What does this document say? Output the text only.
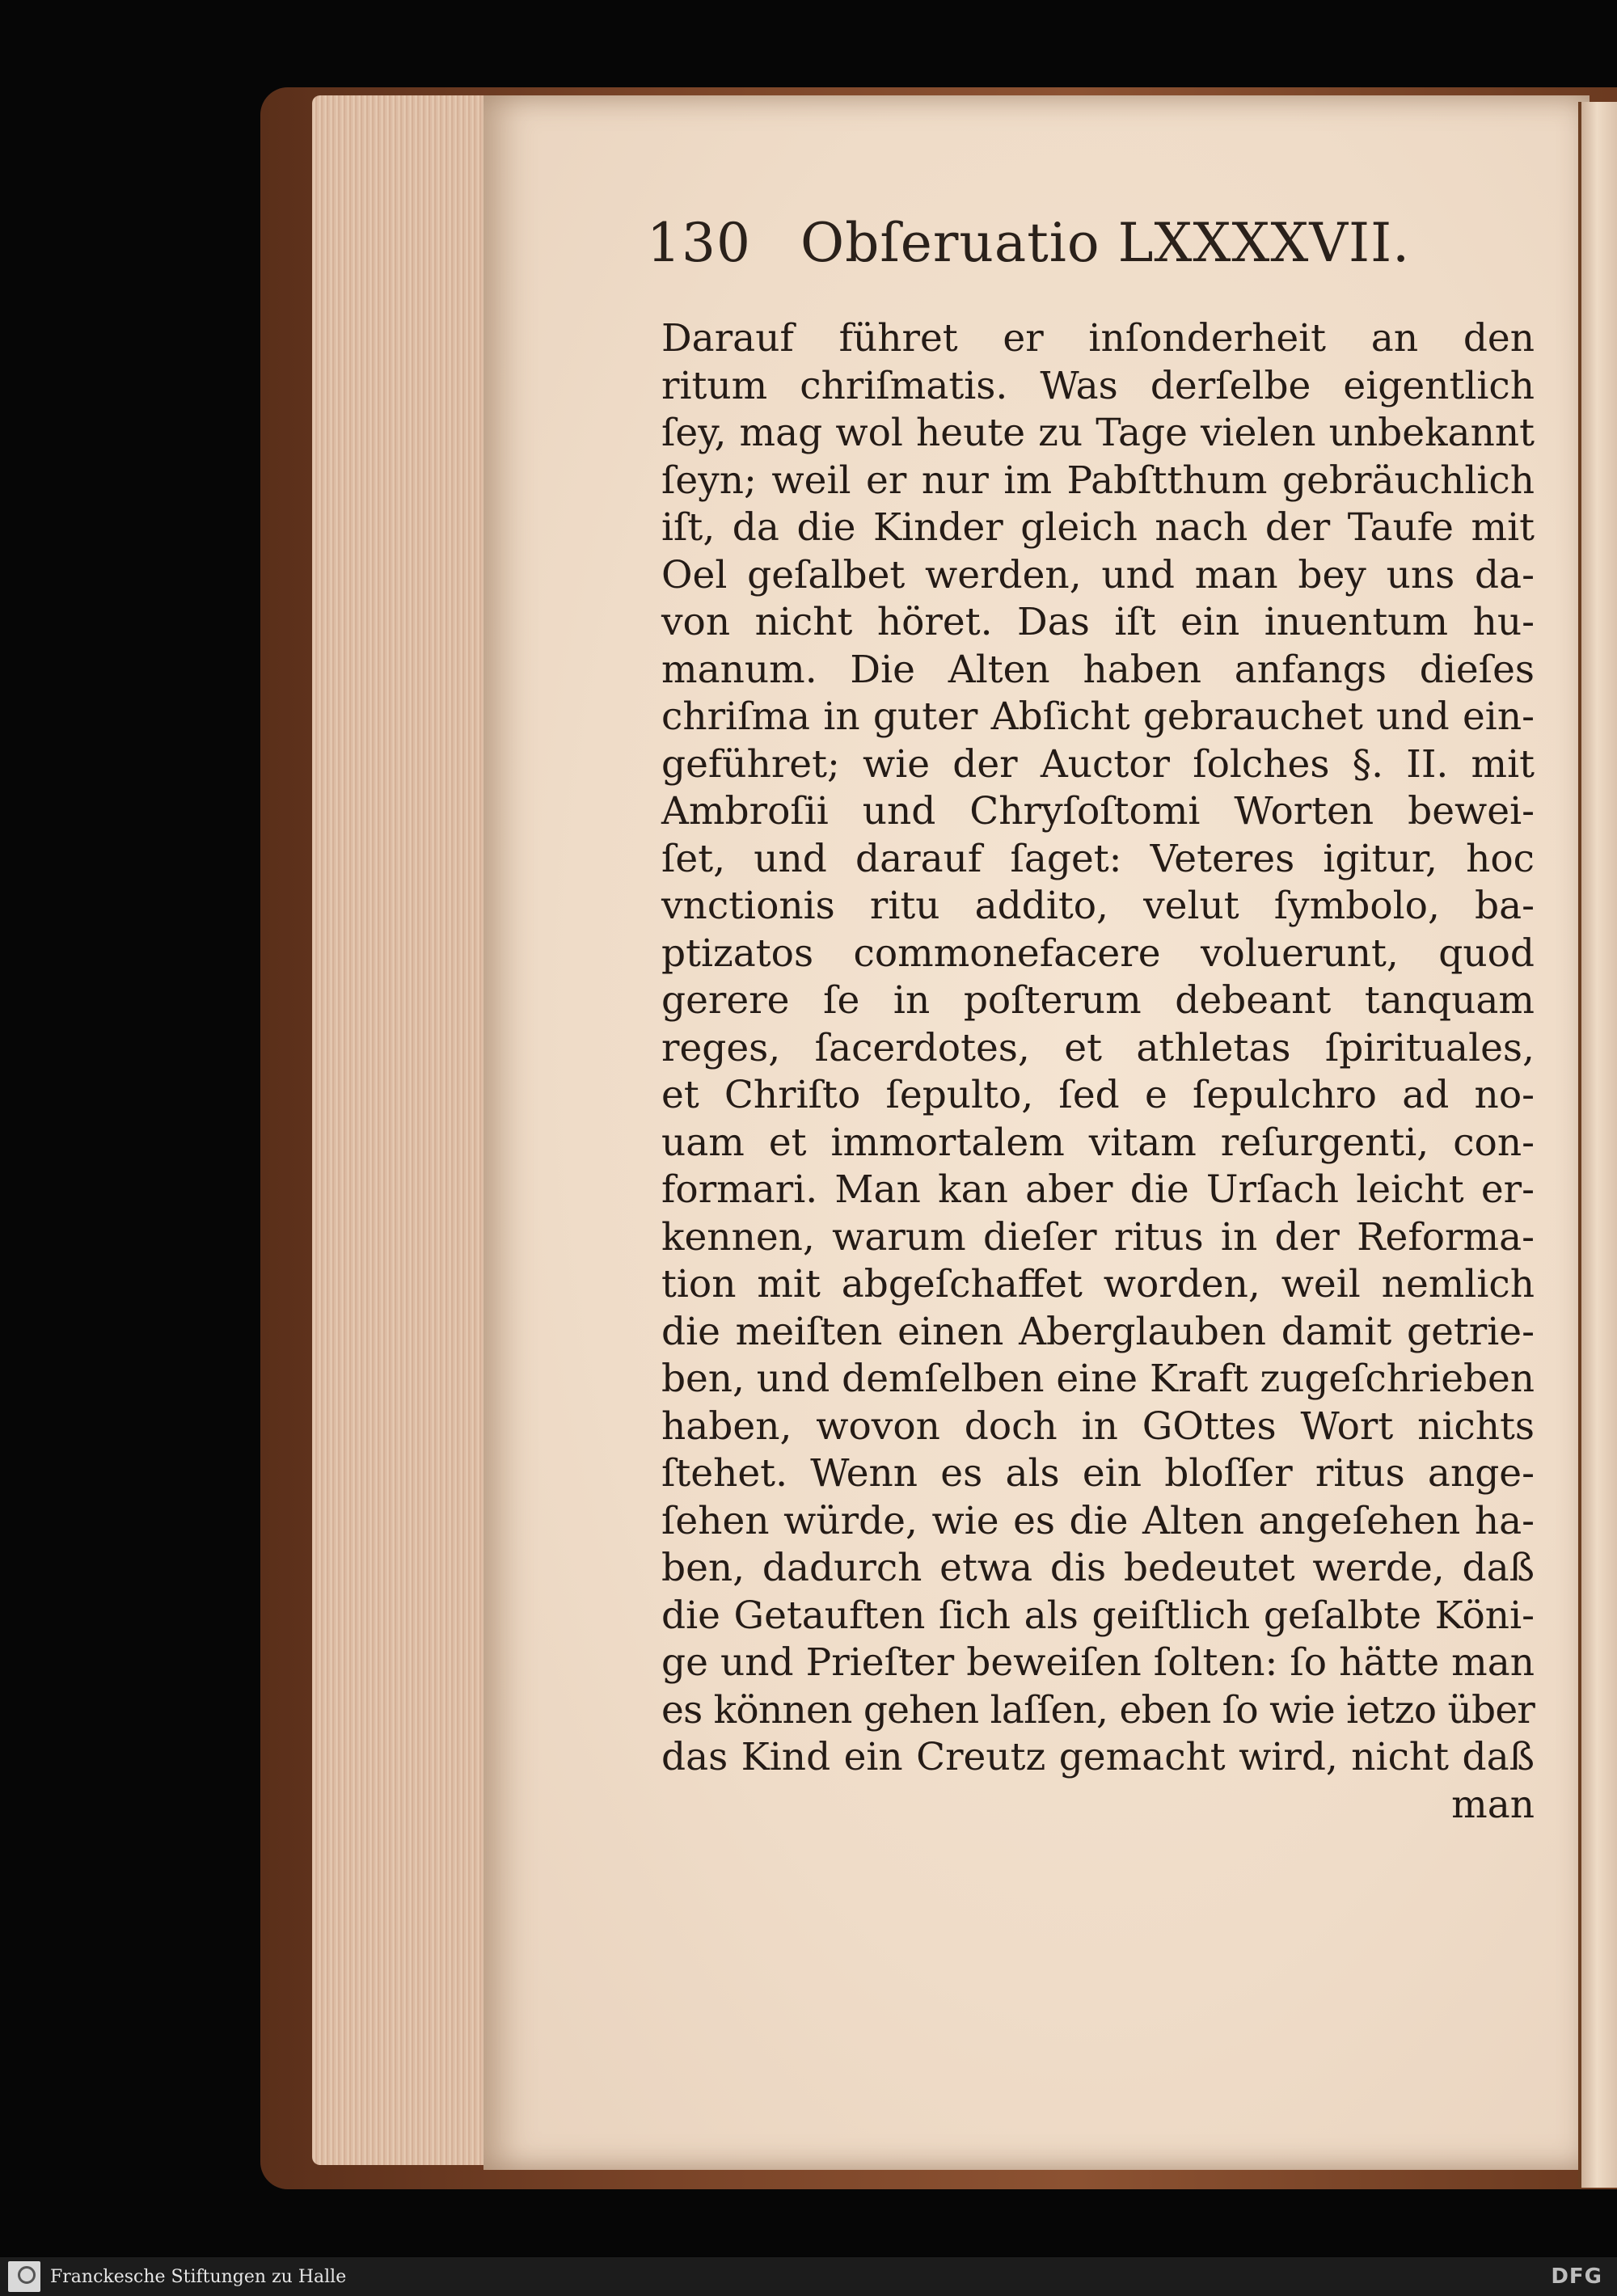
130 Obſeruatio LXXXXVII.
Darauf führet er inſonderheit an den
ritum chriſmatis. Was derſelbe eigentlich
ſey, mag wol heute zu Tage vielen unbekannt
ſeyn; weil er nur im Pabſtthum gebräuchlich
iſt, da die Kinder gleich nach der Taufe mit
Oel geſalbet werden, und man bey uns da-
von nicht höret. Das iſt ein inuentum hu-
manum. Die Alten haben anfangs dieſes
chriſma in guter Abſicht gebrauchet und ein-
geführet; wie der Auctor ſolches §. II. mit
Ambroſii und Chryſoſtomi Worten bewei-
ſet, und darauf ſaget: Veteres igitur, hoc
vnctionis ritu addito, velut ſymbolo, ba-
ptizatos commonefacere voluerunt, quod
gerere ſe in poſterum debeant tanquam
reges, ſacerdotes, et athletas ſpirituales,
et Chriſto ſepulto, ſed e ſepulchro ad no-
uam et immortalem vitam reſurgenti, con-
formari. Man kan aber die Urſach leicht er-
kennen, warum dieſer ritus in der Reforma-
tion mit abgeſchaffet worden, weil nemlich
die meiſten einen Aberglauben damit getrie-
ben, und demſelben eine Kraft zugeſchrieben
haben, wovon doch in GOttes Wort nichts
ſtehet. Wenn es als ein bloſſer ritus ange-
ſehen würde, wie es die Alten angeſehen ha-
ben, dadurch etwa dis bedeutet werde, daß
die Getauften ſich als geiſtlich geſalbte Köni-
ge und Prieſter beweiſen ſolten: ſo hätte man
es können gehen laſſen, eben ſo wie ietzo über
das Kind ein Creutz gemacht wird, nicht daß
man
Franckesche Stiftungen zu Halle	DFG
